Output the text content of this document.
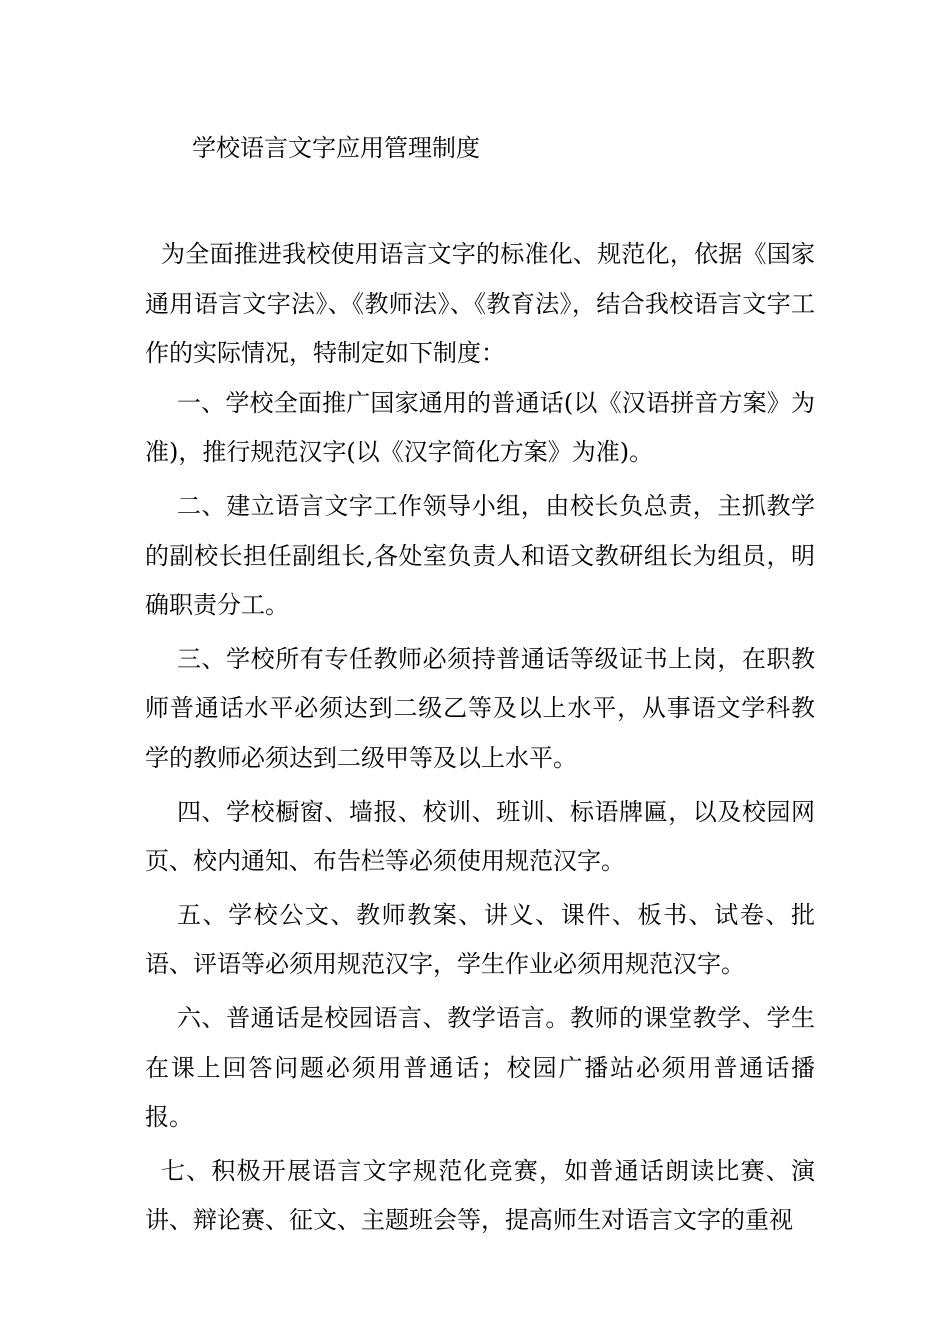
学校语言文字应用管理制度

为全面推进我校使用语言文字的标准化、规范化，依据《国家通用语言文字法》、《教师法》、《教育法》，结合我校语言文字工作的实际情况，特制定如下制度：

一、学校全面推广国家通用的普通话(以《汉语拼音方案》为准)，推行规范汉字(以《汉字简化方案》为准)。

二、建立语言文字工作领导小组，由校长负总责，主抓教学的副校长担任副组长,各处室负责人和语文教研组长为组员，明确职责分工。

三、学校所有专任教师必须持普通话等级证书上岗，在职教师普通话水平必须达到二级乙等及以上水平，从事语文学科教学的教师必须达到二级甲等及以上水平。

四、学校橱窗、墙报、校训、班训、标语牌匾，以及校园网页、校内通知、布告栏等必须使用规范汉字。

五、学校公文、教师教案、讲义、课件、板书、试卷、批语、评语等必须用规范汉字，学生作业必须用规范汉字。

六、普通话是校园语言、教学语言。教师的课堂教学、学生在课上回答问题必须用普通话；校园广播站必须用普通话播报。

七、积极开展语言文字规范化竞赛，如普通话朗读比赛、演讲、辩论赛、征文、主题班会等，提高师生对语言文字的重视
